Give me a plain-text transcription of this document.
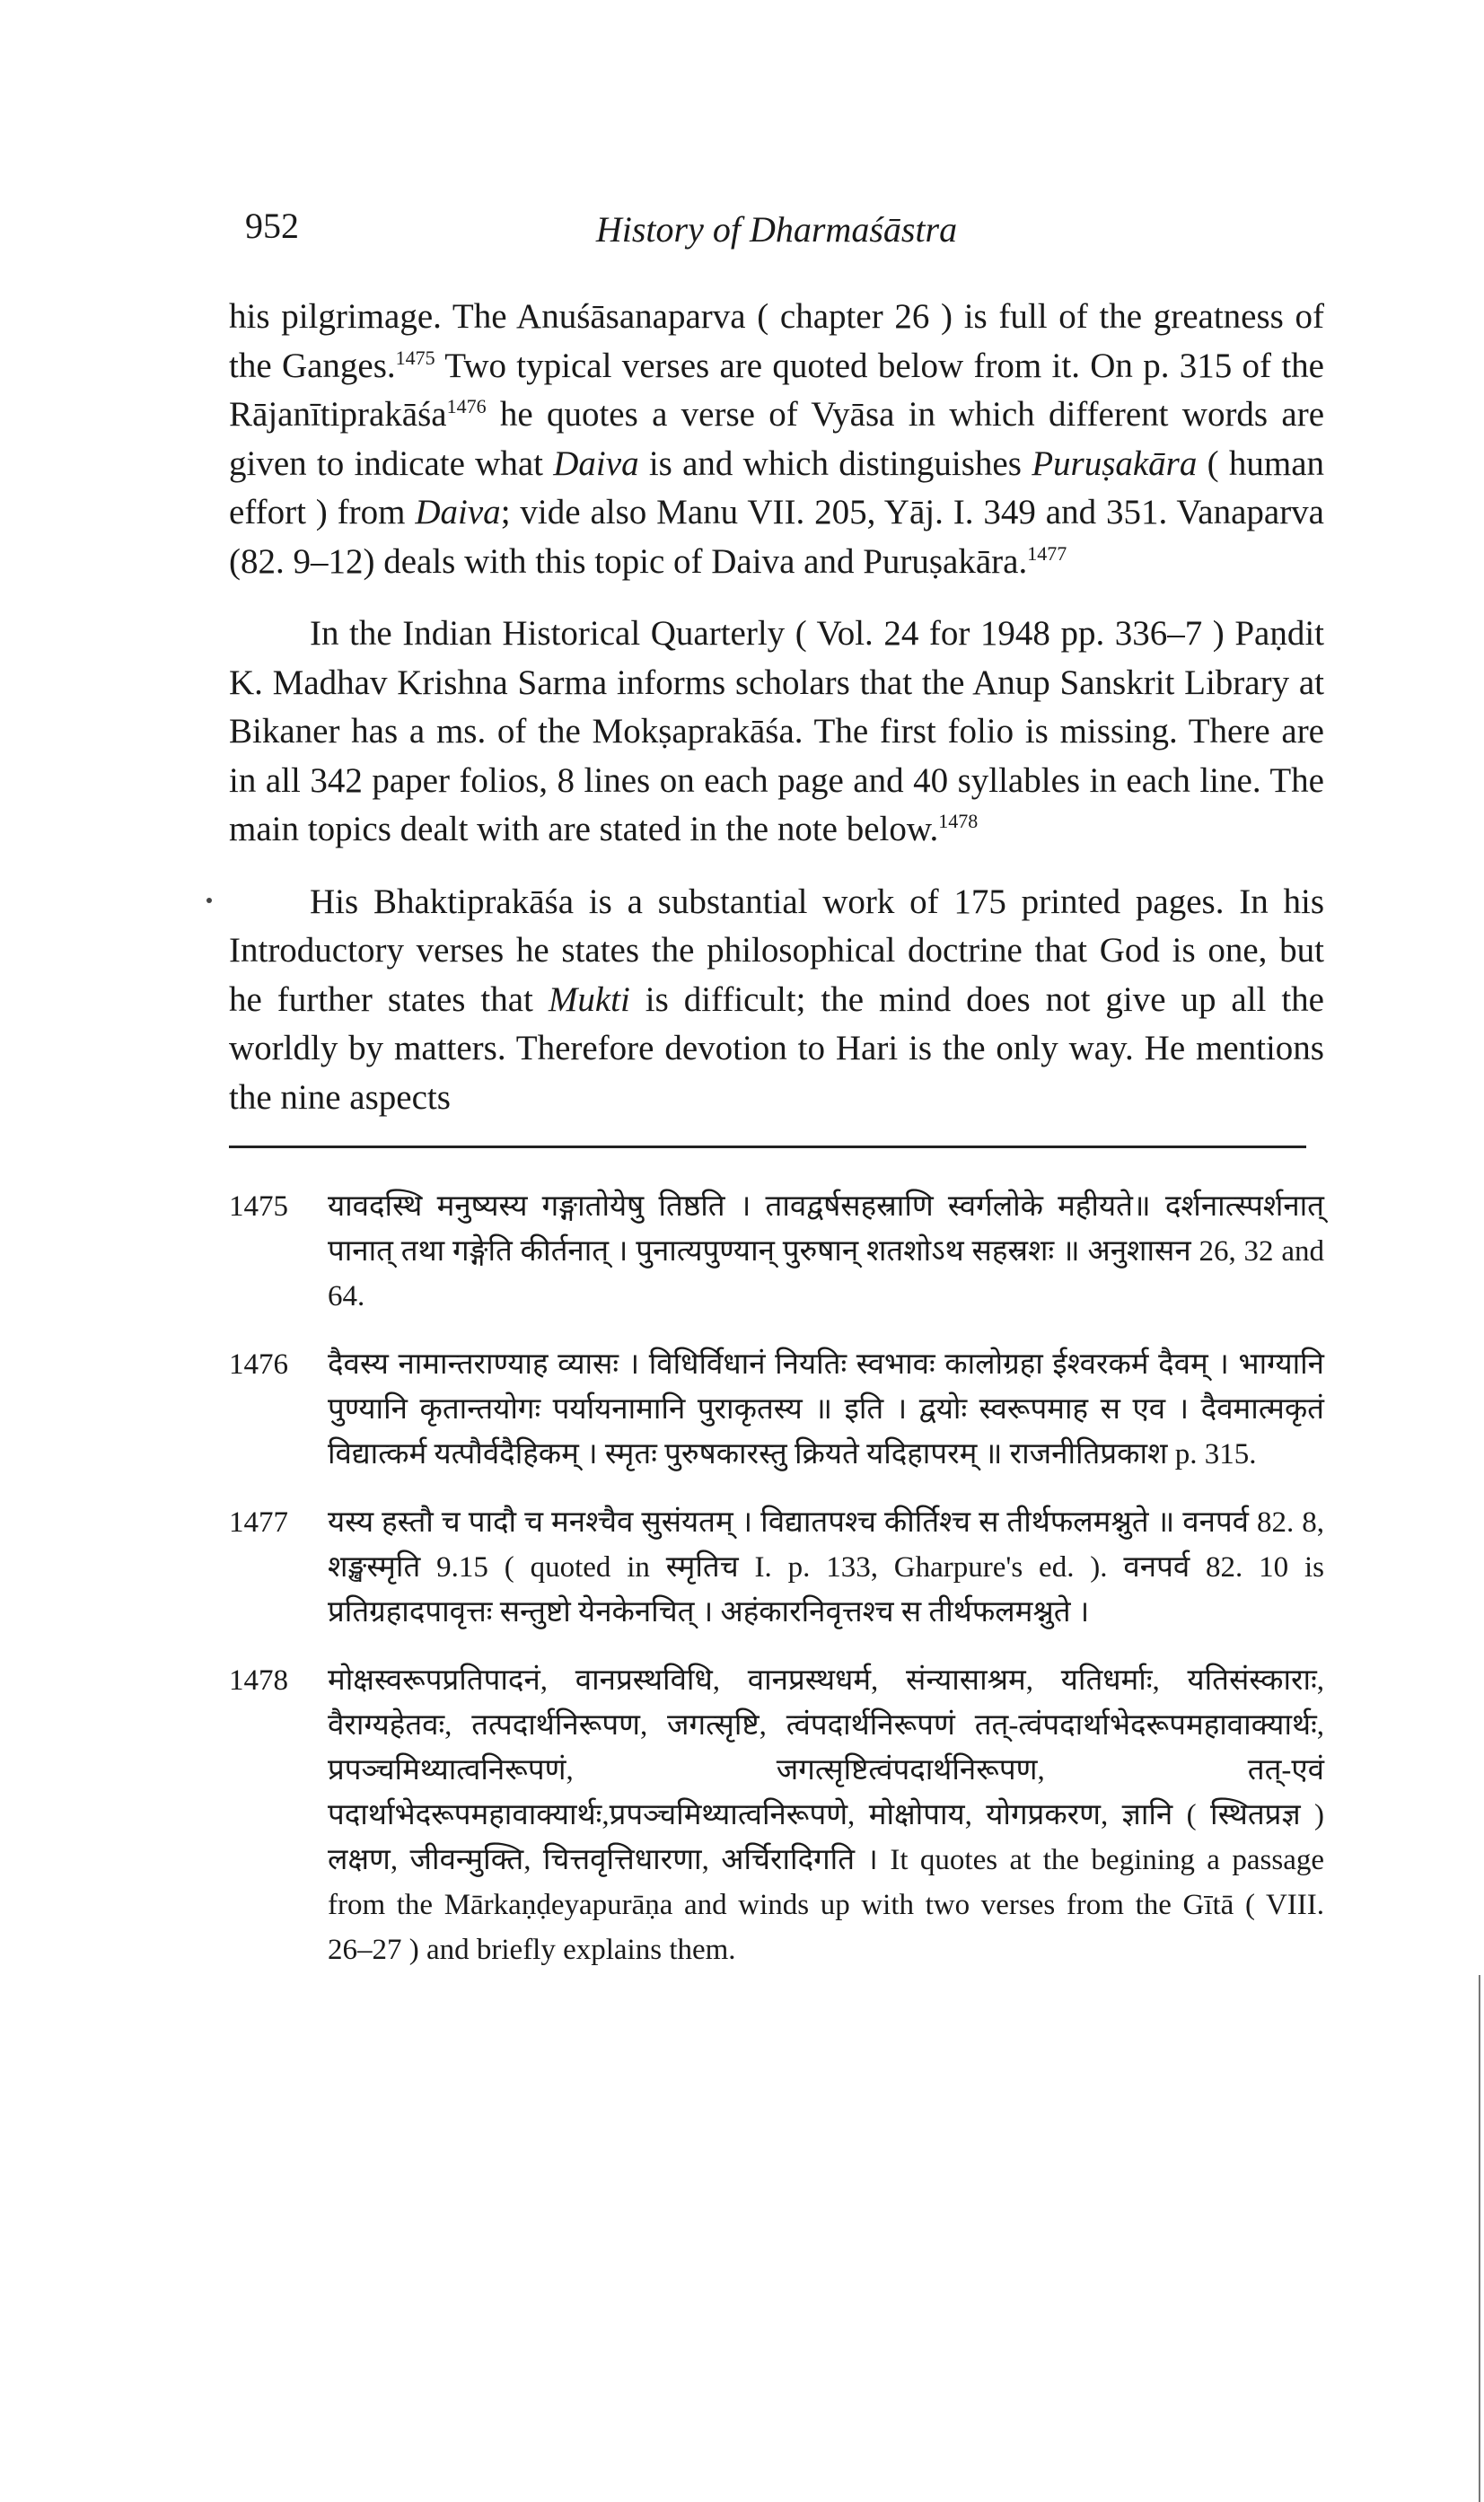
952	History of Dharmaśāstra

his pilgrimage. The Anuśāsanaparva ( chapter 26 ) is full of the greatness of the Ganges.$^{1475}$ Two typical verses are quoted below from it. On p. 315 of the Rājanītiprakāśa$^{1476}$ he quotes a verse of Vyāsa in which different words are given to indicate what Daiva is and which distinguishes Puruṣakāra ( human effort ) from Daiva; vide also Manu VII. 205, Yāj. I. 349 and 351. Vanaparva (82. 9–12) deals with this topic of Daiva and Puruṣakāra.$^{1477}$

In the Indian Historical Quarterly ( Vol. 24 for 1948 pp. 336–7 ) Paṇdit K. Madhav Krishna Sarma informs scholars that the Anup Sanskrit Library at Bikaner has a ms. of the Mokṣaprakāśa. The first folio is missing. There are in all 342 paper folios, 8 lines on each page and 40 syllables in each line. The main topics dealt with are stated in the note below.$^{1478}$

His Bhaktiprakāśa is a substantial work of 175 printed pages. In his Introductory verses he states the philosophical doctrine that God is one, but he further states that Mukti is difficult; the mind does not give up all the worldly by matters. Therefore devotion to Hari is the only way. He mentions the nine aspects

1475	यावदस्थि मनुष्यस्य गङ्गातोयेषु तिष्ठति । तावद्वर्षसहस्राणि स्वर्गलोके महीयते॥ दर्शनात्स्पर्शनात् पानात् तथा गङ्गेति कीर्तनात् । पुनात्यपुण्यान् पुरुषान् शतशोऽथ सहस्रशः ॥ अनुशासन 26, 32 and 64.
1476	दैवस्य नामान्तराण्याह व्यासः । विधिर्विधानं नियतिः स्वभावः कालोग्रहा ईश्वरकर्म दैवम् । भाग्यानि पुण्यानि कृतान्तयोगः पर्यायनामानि पुराकृतस्य ॥ इति । द्वयोः स्वरूपमाह स एव । दैवमात्मकृतं विद्यात्कर्म यत्पौर्वदैहिकम् । स्मृतः पुरुषकारस्तु क्रियते यदिहापरम् ॥ राजनीतिप्रकाश p. 315.
1477	यस्य हस्तौ च पादौ च मनश्चैव सुसंयतम् । विद्यातपश्च कीर्तिश्च स तीर्थफलमश्नुते ॥ वनपर्व 82. 8, शङ्खस्मृति 9.15 ( quoted in स्मृतिच I. p. 133, Gharpure's ed. ). वनपर्व 82. 10 is प्रतिग्रहादपावृत्तः सन्तुष्टो येनकेनचित् । अहंकारनिवृत्तश्च स तीर्थफलमश्नुते ।
1478	मोक्षस्वरूपप्रतिपादनं, वानप्रस्थविधि, वानप्रस्थधर्म, संन्यासाश्रम, यतिधर्माः, यतिसंस्काराः, वैराग्यहेतवः, तत्पदार्थनिरूपण, जगत्सृष्टि, त्वंपदार्थनिरूपणं तत्-त्वंपदार्थाभेदरूपमहावाक्यार्थः, प्रपञ्चमिथ्यात्वनिरूपणं, जगत्सृष्टित्वंपदार्थनिरूपण, तत्-एवं पदार्थाभेदरूपमहावाक्यार्थः,प्रपञ्चमिथ्यात्वनिरूपणे, मोक्षोपाय, योगप्रकरण, ज्ञानि ( स्थितप्रज्ञ ) लक्षण, जीवन्मुक्ति, चित्तवृत्तिधारणा, अर्चिरादिगति । It quotes at the begining a passage from the Mārkaṇḍeyapurāṇa and winds up with two verses from the Gītā ( VIII. 26–27 ) and briefly explains them.
